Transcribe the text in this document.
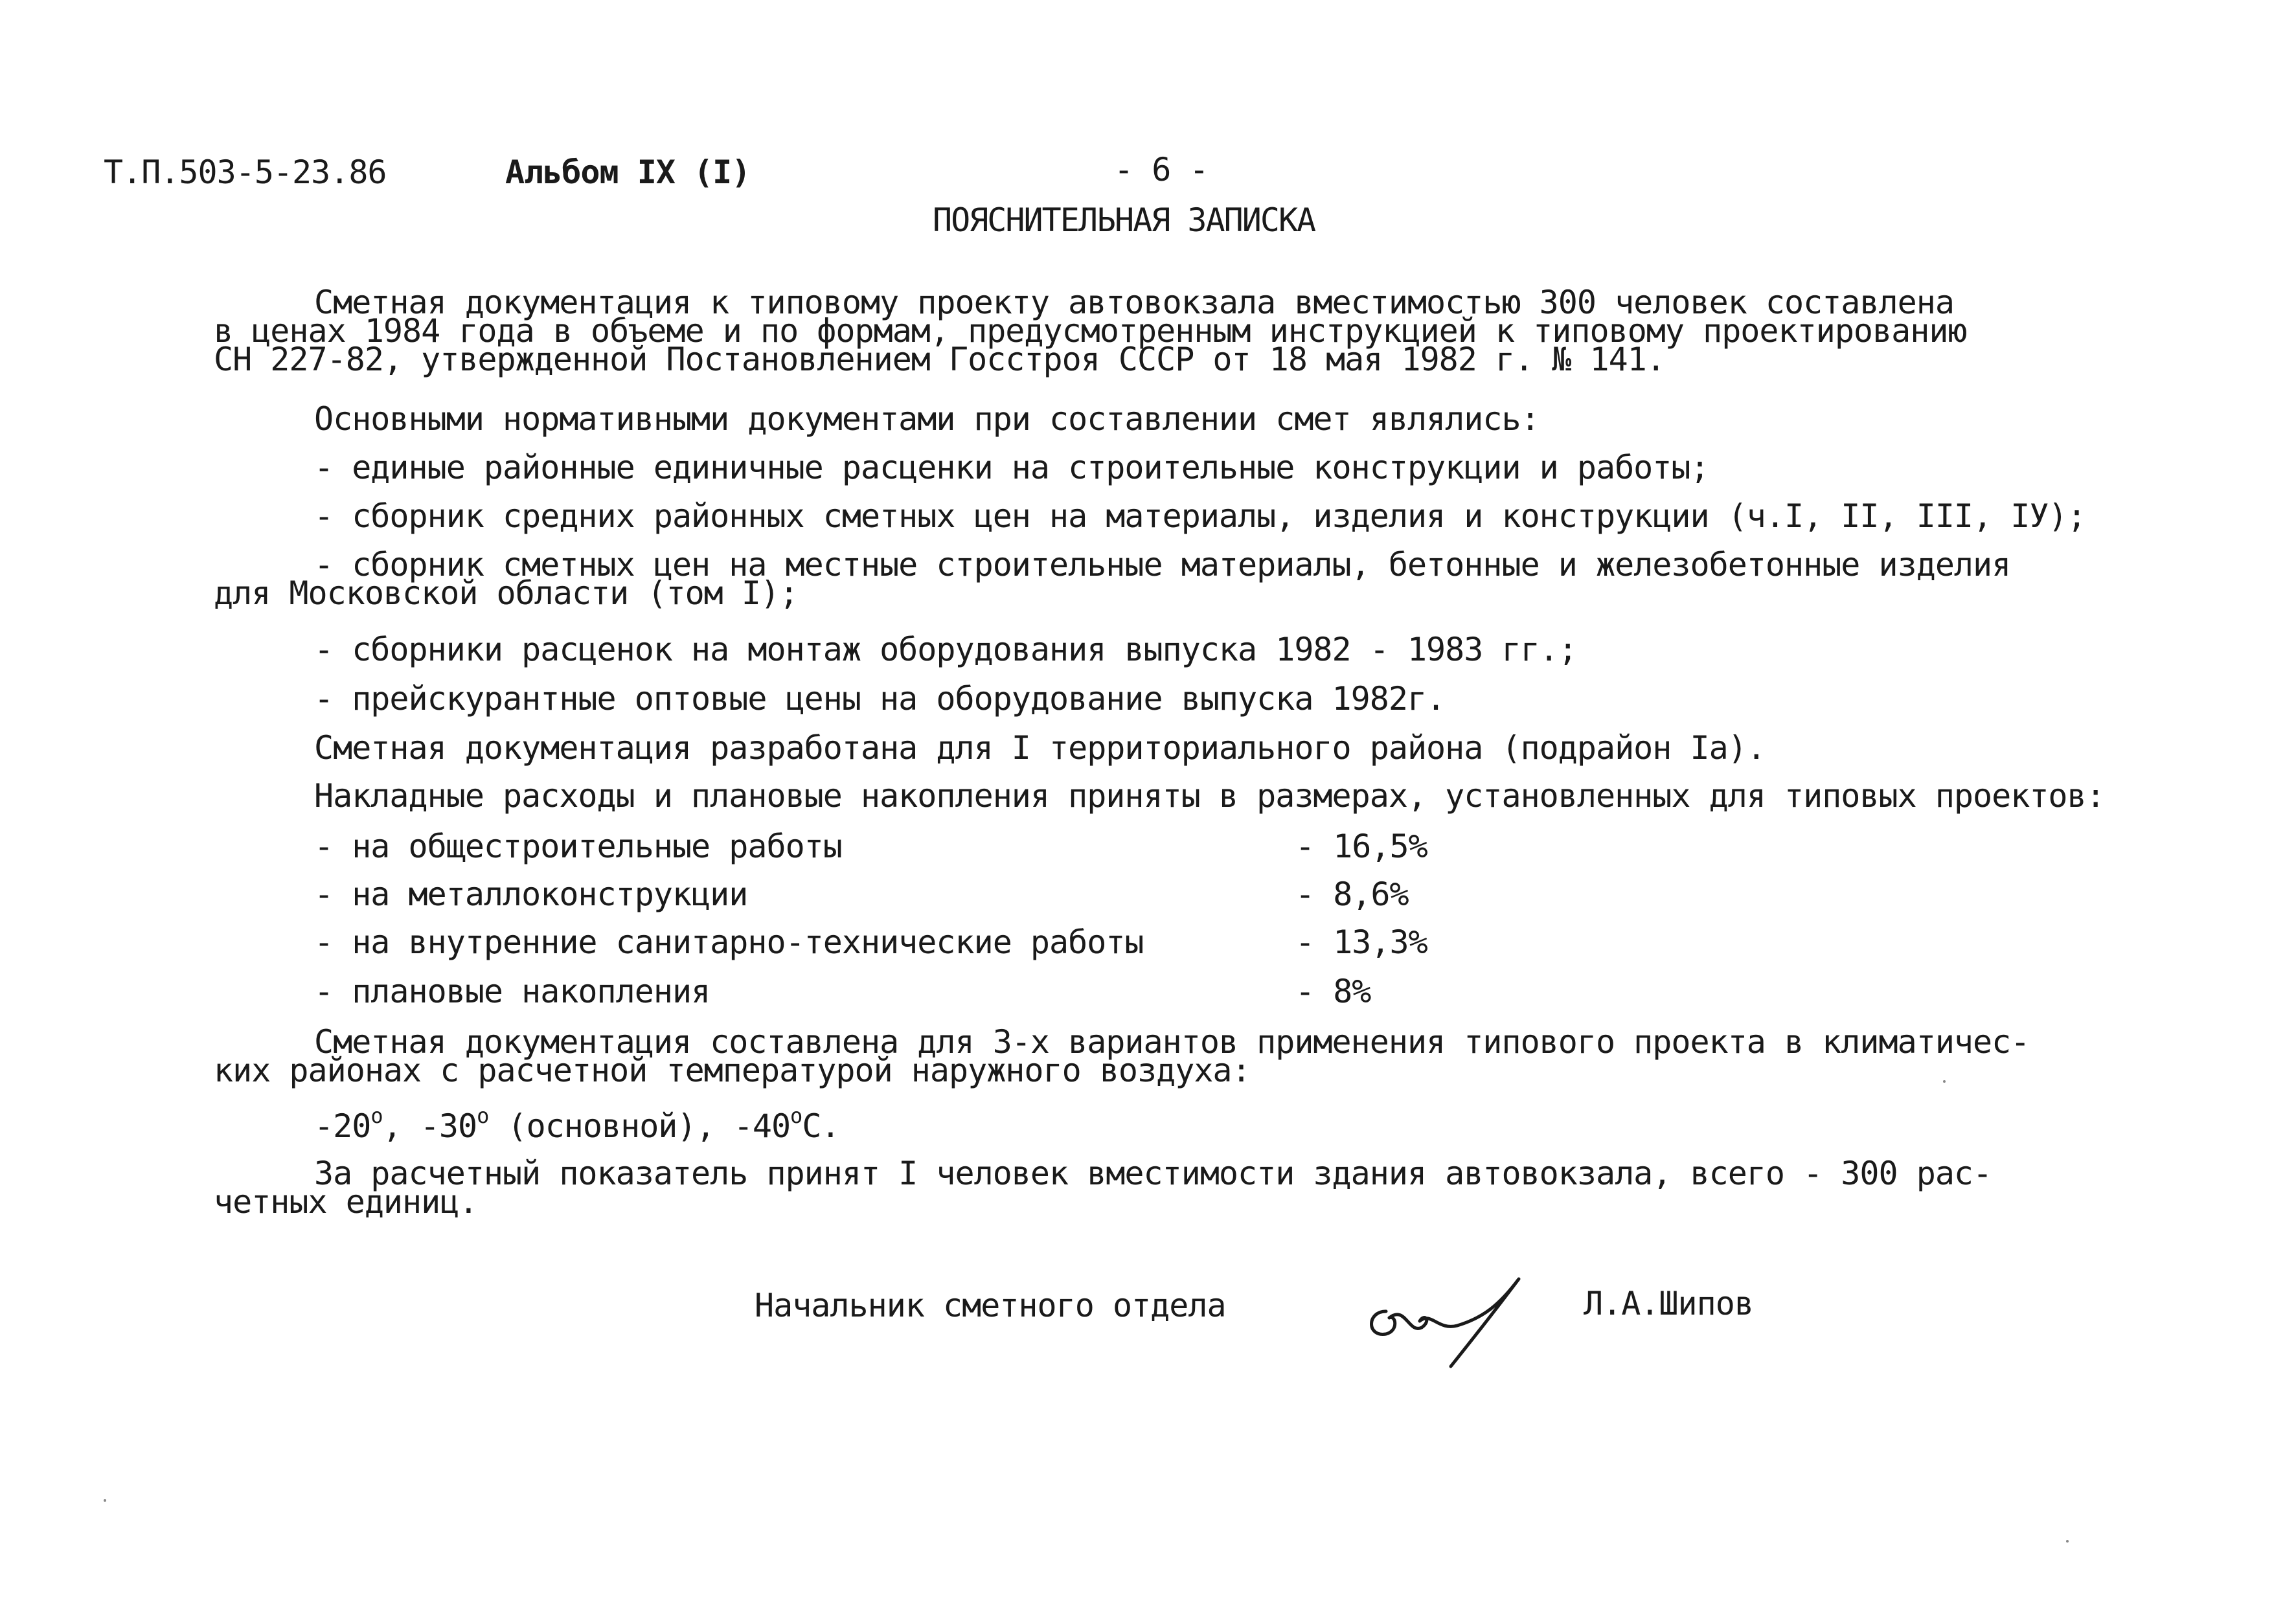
Т.П.503-5-23.86	Альбом IX (I)	- 6 -
ПОЯСНИТЕЛЬНАЯ ЗАПИСКА
Сметная документация к типовому проекту автовокзала вместимостью 300 человек составлена
в ценах 1984 года в объеме и по формам, предусмотренным инструкцией к типовому проектированию
СН 227-82, утвержденной Постановлением Госстроя СССР от 18 мая 1982 г. № 141.
Основными нормативными документами при составлении смет являлись:
- единые районные единичные расценки на строительные конструкции и работы;
- сборник средних районных сметных цен на материалы, изделия и конструкции (ч.I, II, III, IУ);
- сборник сметных цен на местные строительные материалы, бетонные и железобетонные изделия
для Московской области (том I);
- сборники расценок на монтаж оборудования выпуска 1982 - 1983 гг.;
- прейскурантные оптовые цены на оборудование выпуска 1982г.
Сметная документация разработана для I территориального района (подрайон Iа).
Накладные расходы и плановые накопления приняты в размерах, установленных для типовых проектов:
- на общестроительные работы	- 16,5%
- на металлоконструкции	- 8,6%
- на внутренние санитарно-технические работы	- 13,3%
- плановые накопления	- 8%
Сметная документация составлена для 3-х вариантов применения типового проекта в климатичес-
ких районах с расчетной температурой наружного воздуха:
$-20^о$, $-30^о$ (основной), $-40^оС$.
За расчетный показатель принят I человек вместимости здания автовокзала, всего - 300 рас-
четных единиц.
Начальник сметного отдела	Л.А.Шипов
